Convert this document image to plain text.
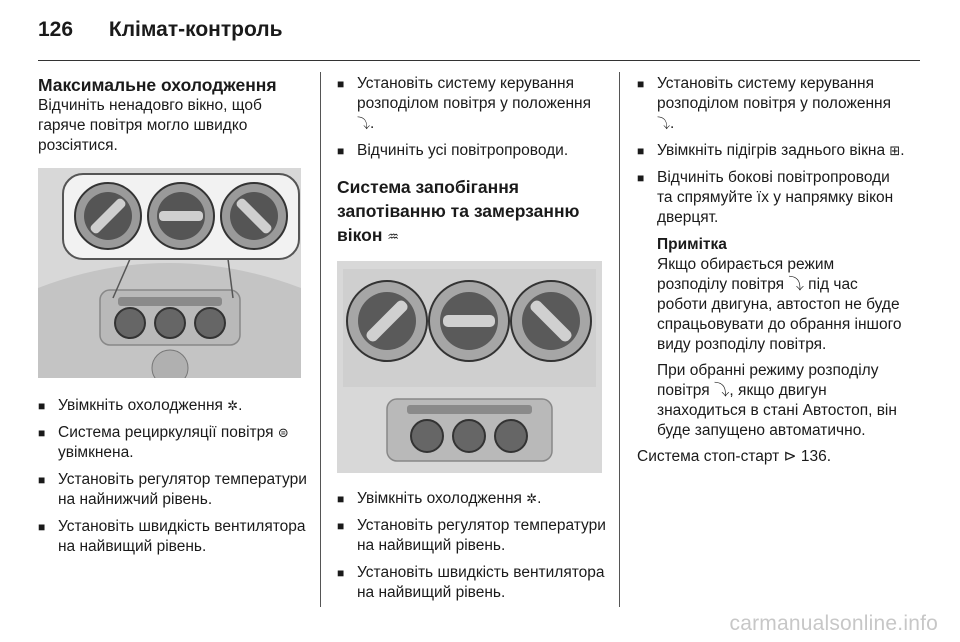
126 Клімат-контроль
Максимальне охолодження
Відчиніть ненадовго вікно, щоб гаряче повітря могло швидко розсіятися.
■ Увімкніть охолодження ✲.
■ Система рециркуляції повітря ⊜ увімкнена.
■ Установіть регулятор температури на найнижчий рівень.
■ Установіть швидкість вентилятора на найвищий рівень.
■ Установіть систему керування розподілом повітря у положення ⤵.
■ Відчиніть усі повітропроводи.
Система запобігання запотіванню та замерзанню вікон ♒
■ Увімкніть охолодження ✲.
■ Установіть регулятор температури на найвищий рівень.
■ Установіть швидкість вентилятора на найвищий рівень.
■ Установіть систему керування розподілом повітря у положення ⤵.
■ Увімкніть підігрів заднього вікна ⊞.
■ Відчиніть бокові повітропроводи та спрямуйте їх у напрямку вікон дверцят.
Примітка
Якщо обирається режим розподілу повітря ⤵ під час роботи двигуна, автостоп не буде спрацьовувати до обрання іншого виду розподілу повітря.
При обранні режиму розподілу повітря ⤵, якщо двигун знаходиться в стані Автостоп, він буде запущено автоматично.
Система стоп-старт ⊳ 136.
carmanualsonline.info
